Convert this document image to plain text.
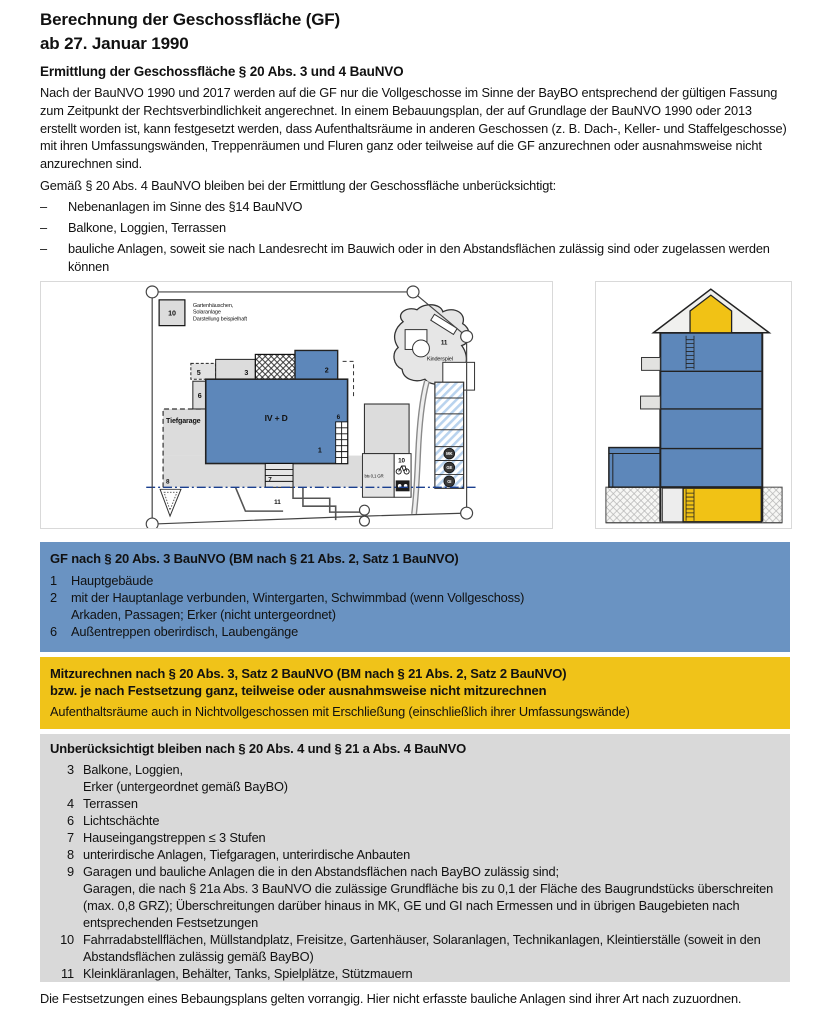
Berechnung der Geschossfläche (GF)
ab 27. Januar 1990
Ermittlung der Geschossfläche § 20 Abs. 3 und 4 BauNVO
Nach der BauNVO 1990 und 2017 werden auf die GF nur die Vollgeschosse im Sinne der BayBO entsprechend der gültigen Fassung zum Zeitpunkt der Rechtsverbindlichkeit angerechnet. In einem Bebauungsplan, der auf Grundlage der BauNVO 1990 oder 2013 erstellt worden ist, kann festgesetzt werden, dass Aufenthaltsräume in anderen Geschossen (z. B. Dach-, Keller- und Staffelgeschosse) mit ihren Umfassungswänden, Treppenräumen und Fluren ganz oder teilweise auf die GF anzurechnen oder ausnahmsweise nicht anzurechnen sind.
Gemäß § 20 Abs. 4 BauNVO bleiben bei der Ermittlung der Geschossfläche unberücksichtigt:
–	Nebenanlagen im Sinne des §14 BauNVO
–	Balkone, Loggien, Terrassen
–	bauliche Anlagen, soweit sie nach Landesrecht im Bauwich oder in den Abstandsflächen zulässig sind oder zugelassen werden können
Tiefgarage
5
6
3	2
IV + D
1
6
7
11
8
10
Gartenhäuschen,
Solaranlage
Darstellung beispielhaft
11
Kinderspiel
bis 0,1 GR
10
MK
GE
GI
GF nach § 20 Abs. 3 BauNVO (BM nach § 21 Abs. 2, Satz 1 BauNVO)
1	Hauptgebäude
2	mit der Hauptanlage verbunden, Wintergarten, Schwimmbad (wenn Vollgeschoss)
Arkaden, Passagen; Erker (nicht untergeordnet)
6	Außentreppen oberirdisch, Laubengänge
Mitzurechnen nach § 20 Abs. 3, Satz 2 BauNVO (BM nach § 21 Abs. 2, Satz 2 BauNVO)
bzw. je nach Festsetzung ganz, teilweise oder ausnahmsweise nicht mitzurechnen
Aufenthaltsräume auch in Nichtvollgeschossen mit Erschließung (einschließlich ihrer Umfassungswände)
Unberücksichtigt bleiben nach § 20 Abs. 4 und § 21 a Abs. 4 BauNVO
3 Balkone, Loggien,
Erker (untergeordnet gemäß BayBO)
4 Terrassen
6 Lichtschächte
7 Hauseingangstreppen ≤ 3 Stufen
8 unterirdische Anlagen, Tiefgaragen, unterirdische Anbauten
9 Garagen und bauliche Anlagen die in den Abstandsflächen nach BayBO zulässig sind;
Garagen, die nach § 21a Abs. 3 BauNVO die zulässige Grundfläche bis zu 0,1 der Fläche des Baugrundstücks überschreiten (max. 0,8 GRZ); Überschreitungen darüber hinaus in MK, GE und GI nach Ermessen und in übrigen Baugebieten nach entsprechenden Festsetzungen
10 Fahrradabstellflächen, Müllstandplatz, Freisitze, Gartenhäuser, Solaranlagen, Technikanlagen, Kleintierställe (soweit in den Abstandsflächen zulässig gemäß BayBO)
11 Kleinkläranlagen, Behälter, Tanks, Spielplätze, Stützmauern
Die Festsetzungen eines Bebaungsplans gelten vorrangig. Hier nicht erfasste bauliche Anlagen sind ihrer Art nach zuzuordnen.
